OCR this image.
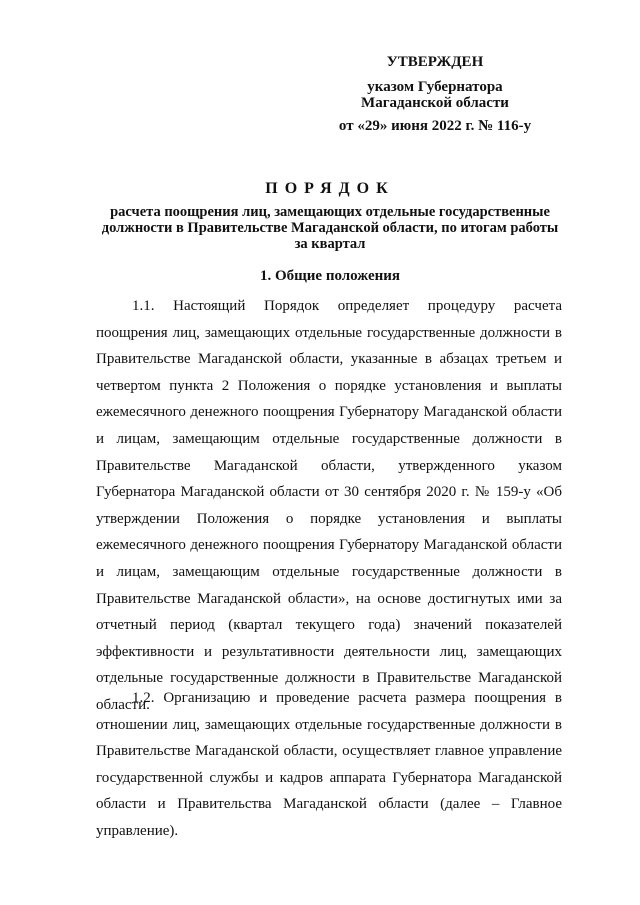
УТВЕРЖДЕН
указом Губернатора
Магаданской области
от «29» июня 2022 г. № 116-у
ПОРЯДОК
расчета поощрения лиц, замещающих отдельные государственные должности в Правительстве Магаданской области, по итогам работы за квартал
1. Общие положения
1.1. Настоящий Порядок определяет процедуру расчета поощрения лиц, замещающих отдельные государственные должности в Правительстве Магаданской области, указанные в абзацах третьем и четвертом пункта 2 Положения о порядке установления и выплаты ежемесячного денежного поощрения Губернатору Магаданской области и лицам, замещающим отдельные государственные должности в Правительстве Магаданской области, утвержденного указом Губернатора Магаданской области от 30 сентября 2020 г. № 159-у «Об утверждении Положения о порядке установления и выплаты ежемесячного денежного поощрения Губернатору Магаданской области и лицам, замещающим отдельные государственные должности в Правительстве Магаданской области», на основе достигнутых ими за отчетный период (квартал текущего года) значений показателей эффективности и результативности деятельности лиц, замещающих отдельные государственные должности в Правительстве Магаданской области.
1.2. Организацию и проведение расчета размера поощрения в отношении лиц, замещающих отдельные государственные должности в Правительстве Магаданской области, осуществляет главное управление государственной службы и кадров аппарата Губернатора Магаданской области и Правительства Магаданской области (далее – Главное управление).
